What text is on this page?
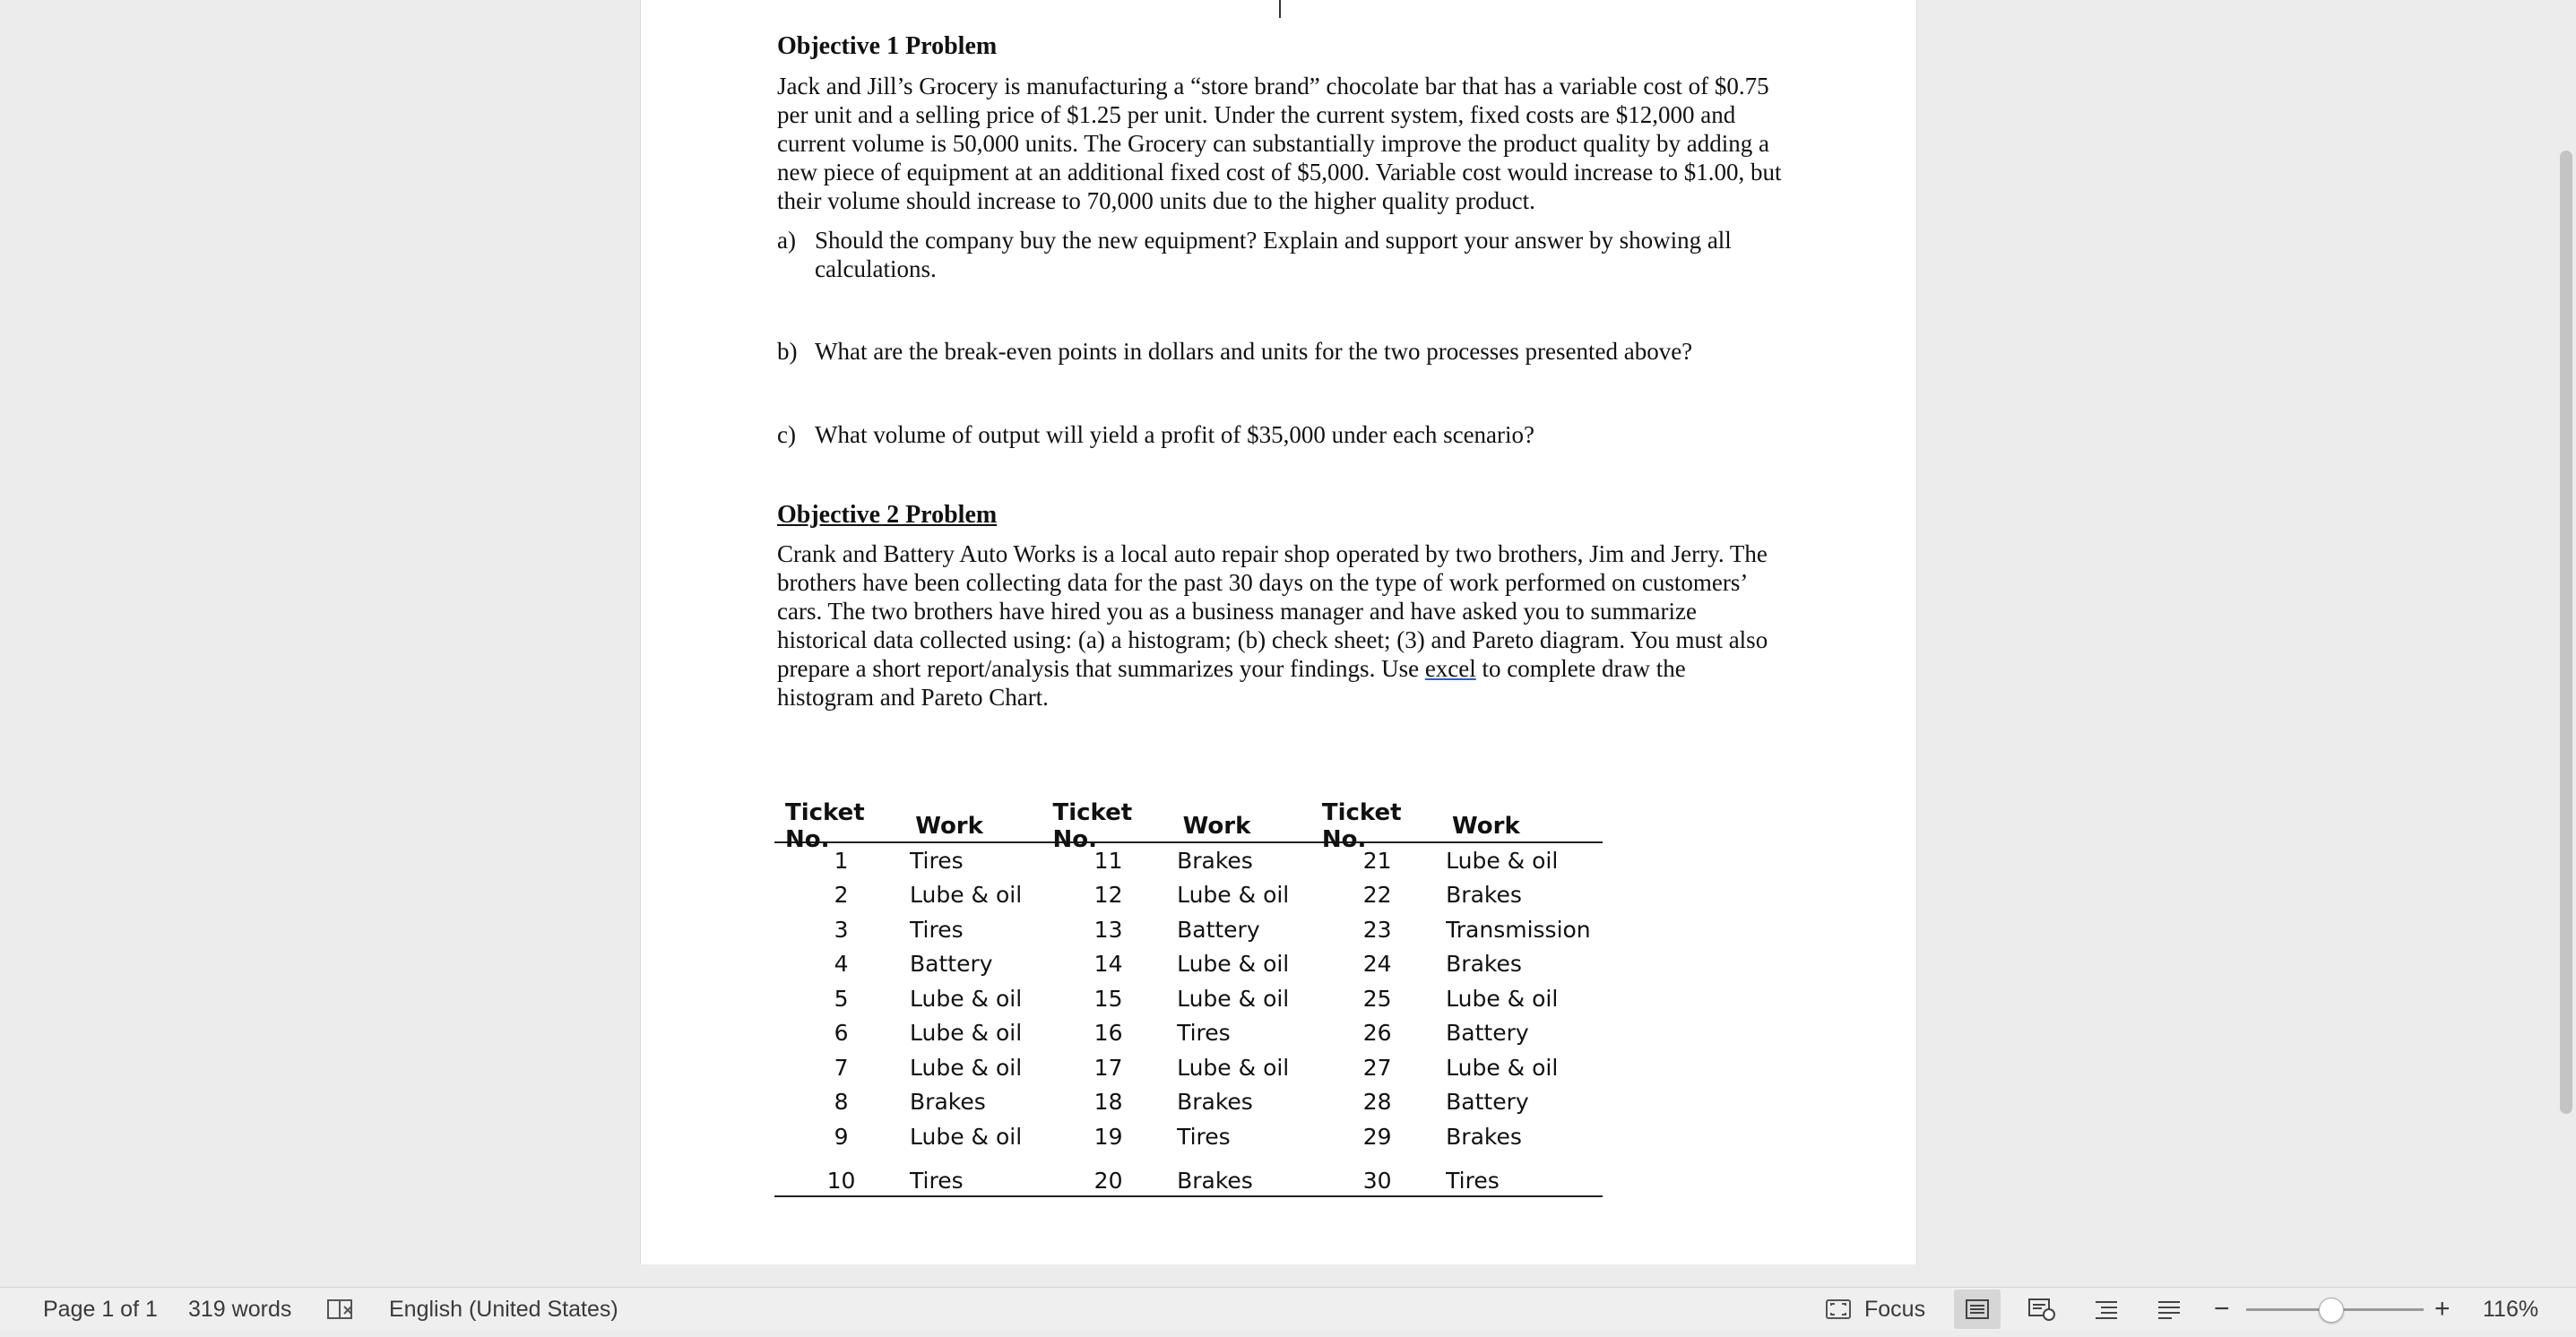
Objective 1 Problem

Jack and Jill’s Grocery is manufacturing a “store brand” chocolate bar that has a variable cost of $0.75 per unit and a selling price of $1.25 per unit. Under the current system, fixed costs are $12,000 and current volume is 50,000 units. The Grocery can substantially improve the product quality by adding a new piece of equipment at an additional fixed cost of $5,000. Variable cost would increase to $1.00, but their volume should increase to 70,000 units due to the higher quality product.

a) Should the company buy the new equipment? Explain and support your answer by showing all calculations.
b) What are the break-even points in dollars and units for the two processes presented above?
c) What volume of output will yield a profit of $35,000 under each scenario?

Objective 2 Problem

Crank and Battery Auto Works is a local auto repair shop operated by two brothers, Jim and Jerry. The brothers have been collecting data for the past 30 days on the type of work performed on customers’ cars. The two brothers have hired you as a business manager and have asked you to summarize historical data collected using: (a) a histogram; (b) check sheet; (3) and Pareto diagram. You must also prepare a short report/analysis that summarizes your findings. Use excel to complete draw the histogram and Pareto Chart.

Ticket No.	Work	Ticket No.	Work	Ticket No.	Work
1	Tires	11	Brakes	21	Lube & oil
2	Lube & oil	12	Lube & oil	22	Brakes
3	Tires	13	Battery	23	Transmission
4	Battery	14	Lube & oil	24	Brakes
5	Lube & oil	15	Lube & oil	25	Lube & oil
6	Lube & oil	16	Tires	26	Battery
7	Lube & oil	17	Lube & oil	27	Lube & oil
8	Brakes	18	Brakes	28	Battery
9	Lube & oil	19	Tires	29	Brakes
10	Tires	20	Brakes	30	Tires
Page 1 of 1 319 words	English (United States)	Focus	−	+ 116%
